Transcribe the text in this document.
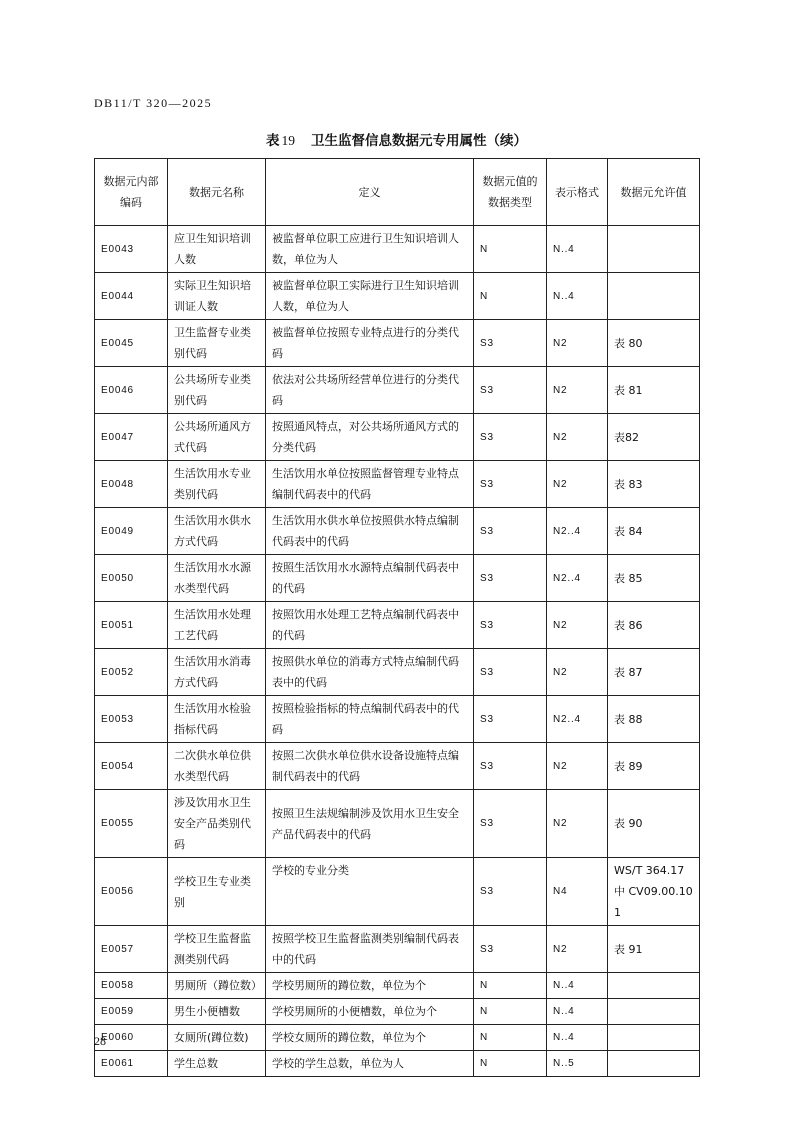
DB11/T 320—2025
表 19 卫生监督信息数据元专用属性（续）
数据元内部编码	数据元名称	定义	数据元值的数据类型	表示格式	数据元允许值
E0043	应卫生知识培训人数	被监督单位职工应进行卫生知识培训人数，单位为人	N	N..4	
E0044	实际卫生知识培训证人数	被监督单位职工实际进行卫生知识培训人数，单位为人	N	N..4	
E0045	卫生监督专业类别代码	被监督单位按照专业特点进行的分类代码	S3	N2	表 80
E0046	公共场所专业类别代码	依法对公共场所经营单位进行的分类代码	S3	N2	表 81
E0047	公共场所通风方式代码	按照通风特点，对公共场所通风方式的分类代码	S3	N2	表82
E0048	生活饮用水专业类别代码	生活饮用水单位按照监督管理专业特点编制代码表中的代码	S3	N2	表 83
E0049	生活饮用水供水方式代码	生活饮用水供水单位按照供水特点编制代码表中的代码	S3	N2..4	表 84
E0050	生活饮用水水源水类型代码	按照生活饮用水水源特点编制代码表中的代码	S3	N2..4	表 85
E0051	生活饮用水处理工艺代码	按照饮用水处理工艺特点编制代码表中的代码	S3	N2	表 86
E0052	生活饮用水消毒方式代码	按照供水单位的消毒方式特点编制代码表中的代码	S3	N2	表 87
E0053	生活饮用水检验指标代码	按照检验指标的特点编制代码表中的代码	S3	N2..4	表 88
E0054	二次供水单位供水类型代码	按照二次供水单位供水设备设施特点编制代码表中的代码	S3	N2	表 89
E0055	涉及饮用水卫生安全产品类别代码	按照卫生法规编制涉及饮用水卫生安全产品代码表中的代码	S3	N2	表 90
E0056	学校卫生专业类别	学校的专业分类	S3	N4	WS/T 364.17 中 CV09.00.101
E0057	学校卫生监督监测类别代码	按照学校卫生监督监测类别编制代码表中的代码	S3	N2	表 91
E0058	男厕所（蹲位数）	学校男厕所的蹲位数，单位为个	N	N..4	
E0059	男生小便槽数	学校男厕所的小便槽数，单位为个	N	N..4	
E0060	女厕所(蹲位数)	学校女厕所的蹲位数，单位为个	N	N..4	
E0061	学生总数	学校的学生总数，单位为人	N	N..5	
28
